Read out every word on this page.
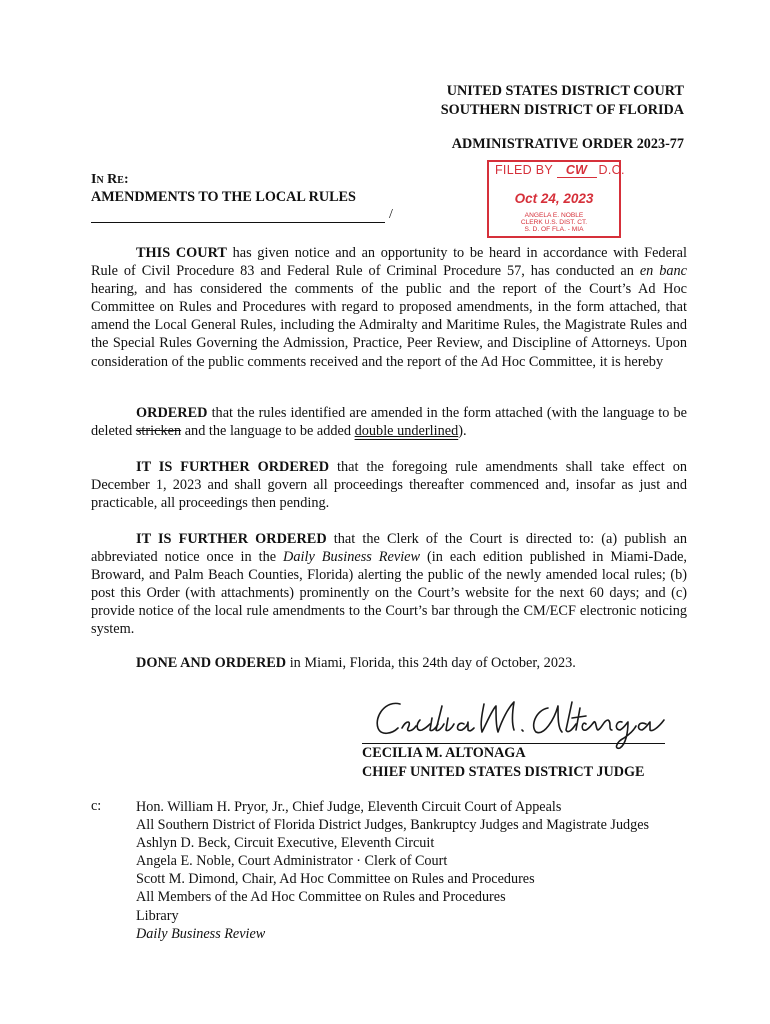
UNITED STATES DISTRICT COURT
SOUTHERN DISTRICT OF FLORIDA
ADMINISTRATIVE ORDER 2023-77
FILED BY CW D.C.
Oct 24, 2023
ANGELA E. NOBLE
CLERK U.S. DIST. CT.
S. D. OF FLA. - MIA
In Re:
AMENDMENTS TO THE LOCAL RULES
/
THIS COURT has given notice and an opportunity to be heard in accordance with Federal Rule of Civil Procedure 83 and Federal Rule of Criminal Procedure 57, has conducted an en banc hearing, and has considered the comments of the public and the report of the Court’s Ad Hoc Committee on Rules and Procedures with regard to proposed amendments, in the form attached, that amend the Local General Rules, including the Admiralty and Maritime Rules, the Magistrate Rules and the Special Rules Governing the Admission, Practice, Peer Review, and Discipline of Attorneys. Upon consideration of the public comments received and the report of the Ad Hoc Committee, it is hereby
ORDERED that the rules identified are amended in the form attached (with the language to be deleted stricken and the language to be added double underlined).
IT IS FURTHER ORDERED that the foregoing rule amendments shall take effect on December 1, 2023 and shall govern all proceedings thereafter commenced and, insofar as just and practicable, all proceedings then pending.
IT IS FURTHER ORDERED that the Clerk of the Court is directed to: (a) publish an abbreviated notice once in the Daily Business Review (in each edition published in Miami-Dade, Broward, and Palm Beach Counties, Florida) alerting the public of the newly amended local rules; (b) post this Order (with attachments) prominently on the Court’s website for the next 60 days; and (c) provide notice of the local rule amendments to the Court’s bar through the CM/ECF electronic noticing system.
DONE AND ORDERED in Miami, Florida, this 24th day of October, 2023.
CECILIA M. ALTONAGA
CHIEF UNITED STATES DISTRICT JUDGE
c: Hon. William H. Pryor, Jr., Chief Judge, Eleventh Circuit Court of Appeals
All Southern District of Florida District Judges, Bankruptcy Judges and Magistrate Judges
Ashlyn D. Beck, Circuit Executive, Eleventh Circuit
Angela E. Noble, Court Administrator · Clerk of Court
Scott M. Dimond, Chair, Ad Hoc Committee on Rules and Procedures
All Members of the Ad Hoc Committee on Rules and Procedures
Library
Daily Business Review
